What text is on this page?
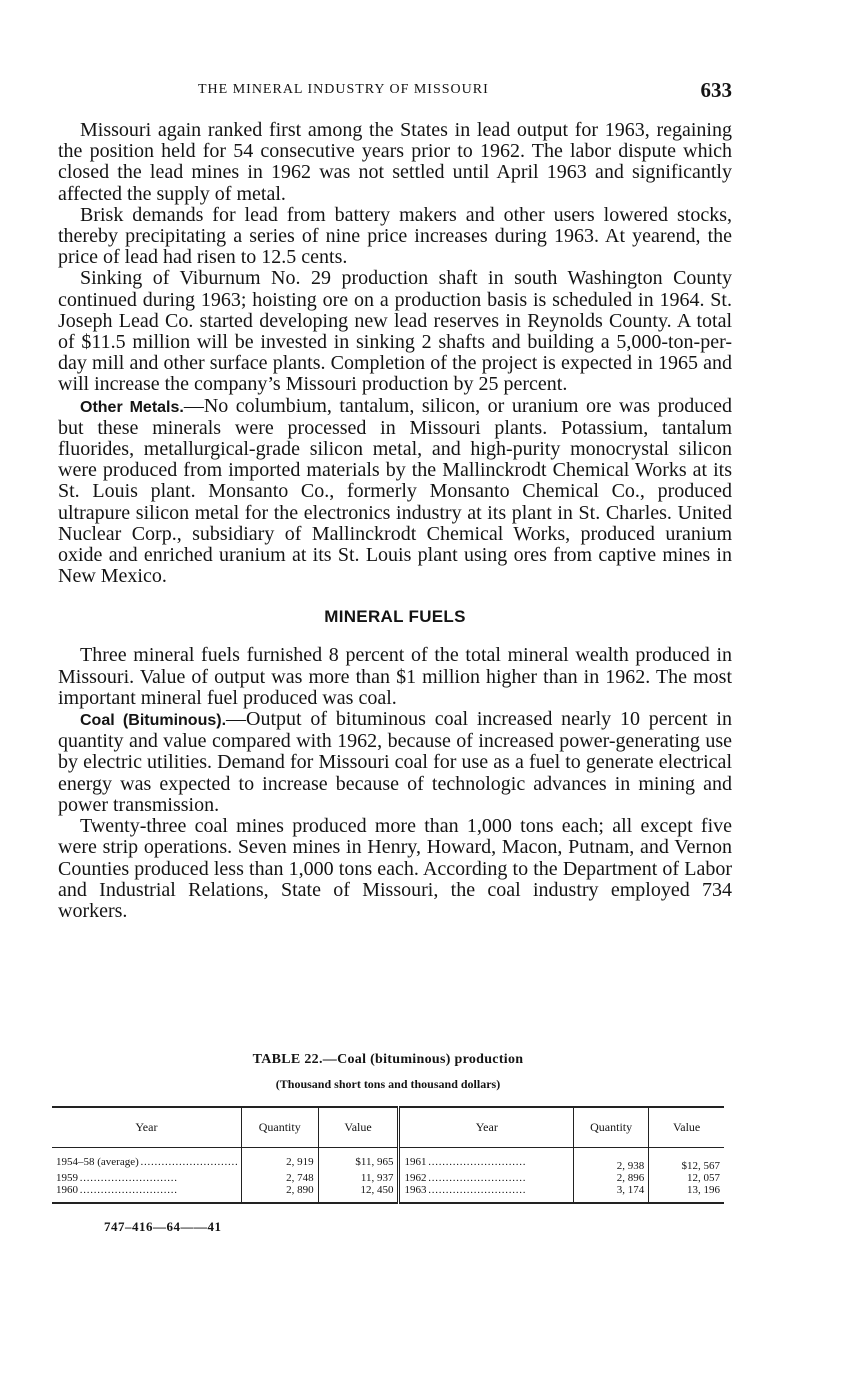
THE MINERAL INDUSTRY OF MISSOURI	633

Missouri again ranked first among the States in lead output for 1963, regaining the position held for 54 consecutive years prior to 1962. The labor dispute which closed the lead mines in 1962 was not settled until April 1963 and significantly affected the supply of metal.

Brisk demands for lead from battery makers and other users lowered stocks, thereby precipitating a series of nine price increases during 1963. At yearend, the price of lead had risen to 12.5 cents.

Sinking of Viburnum No. 29 production shaft in south Washington County continued during 1963; hoisting ore on a production basis is scheduled in 1964. St. Joseph Lead Co. started developing new lead reserves in Reynolds County. A total of $11.5 million will be invested in sinking 2 shafts and building a 5,000-ton-per-day mill and other surface plants. Completion of the project is expected in 1965 and will increase the company’s Missouri production by 25 percent.

Other Metals.—No columbium, tantalum, silicon, or uranium ore was produced but these minerals were processed in Missouri plants. Potassium, tantalum fluorides, metallurgical-grade silicon metal, and high-purity monocrystal silicon were produced from imported materials by the Mallinckrodt Chemical Works at its St. Louis plant. Monsanto Co., formerly Monsanto Chemical Co., produced ultrapure silicon metal for the electronics industry at its plant in St. Charles. United Nuclear Corp., subsidiary of Mallinckrodt Chemical Works, produced uranium oxide and enriched uranium at its St. Louis plant using ores from captive mines in New Mexico.

MINERAL FUELS

Three mineral fuels furnished 8 percent of the total mineral wealth produced in Missouri. Value of output was more than $1 million higher than in 1962. The most important mineral fuel produced was coal.

Coal (Bituminous).—Output of bituminous coal increased nearly 10 percent in quantity and value compared with 1962, because of increased power-generating use by electric utilities. Demand for Missouri coal for use as a fuel to generate electrical energy was expected to increase because of technologic advances in mining and power transmission.

Twenty-three coal mines produced more than 1,000 tons each; all except five were strip operations. Seven mines in Henry, Howard, Macon, Putnam, and Vernon Counties produced less than 1,000 tons each. According to the Department of Labor and Industrial Relations, State of Missouri, the coal industry employed 734 workers.

TABLE 22.—Coal (bituminous) production
(Thousand short tons and thousand dollars)
Year	Quantity	Value	Year	Quantity	Value
1954–58 (average) . . .	2, 919	$11, 965	1961 . . .	2, 938	$12, 567
1959 . . .	2, 748	11, 937	1962 . . .	2, 896	12, 057
1960 . . .	2, 890	12, 450	1963 . . .	3, 174	13, 196
747–416—64——41
